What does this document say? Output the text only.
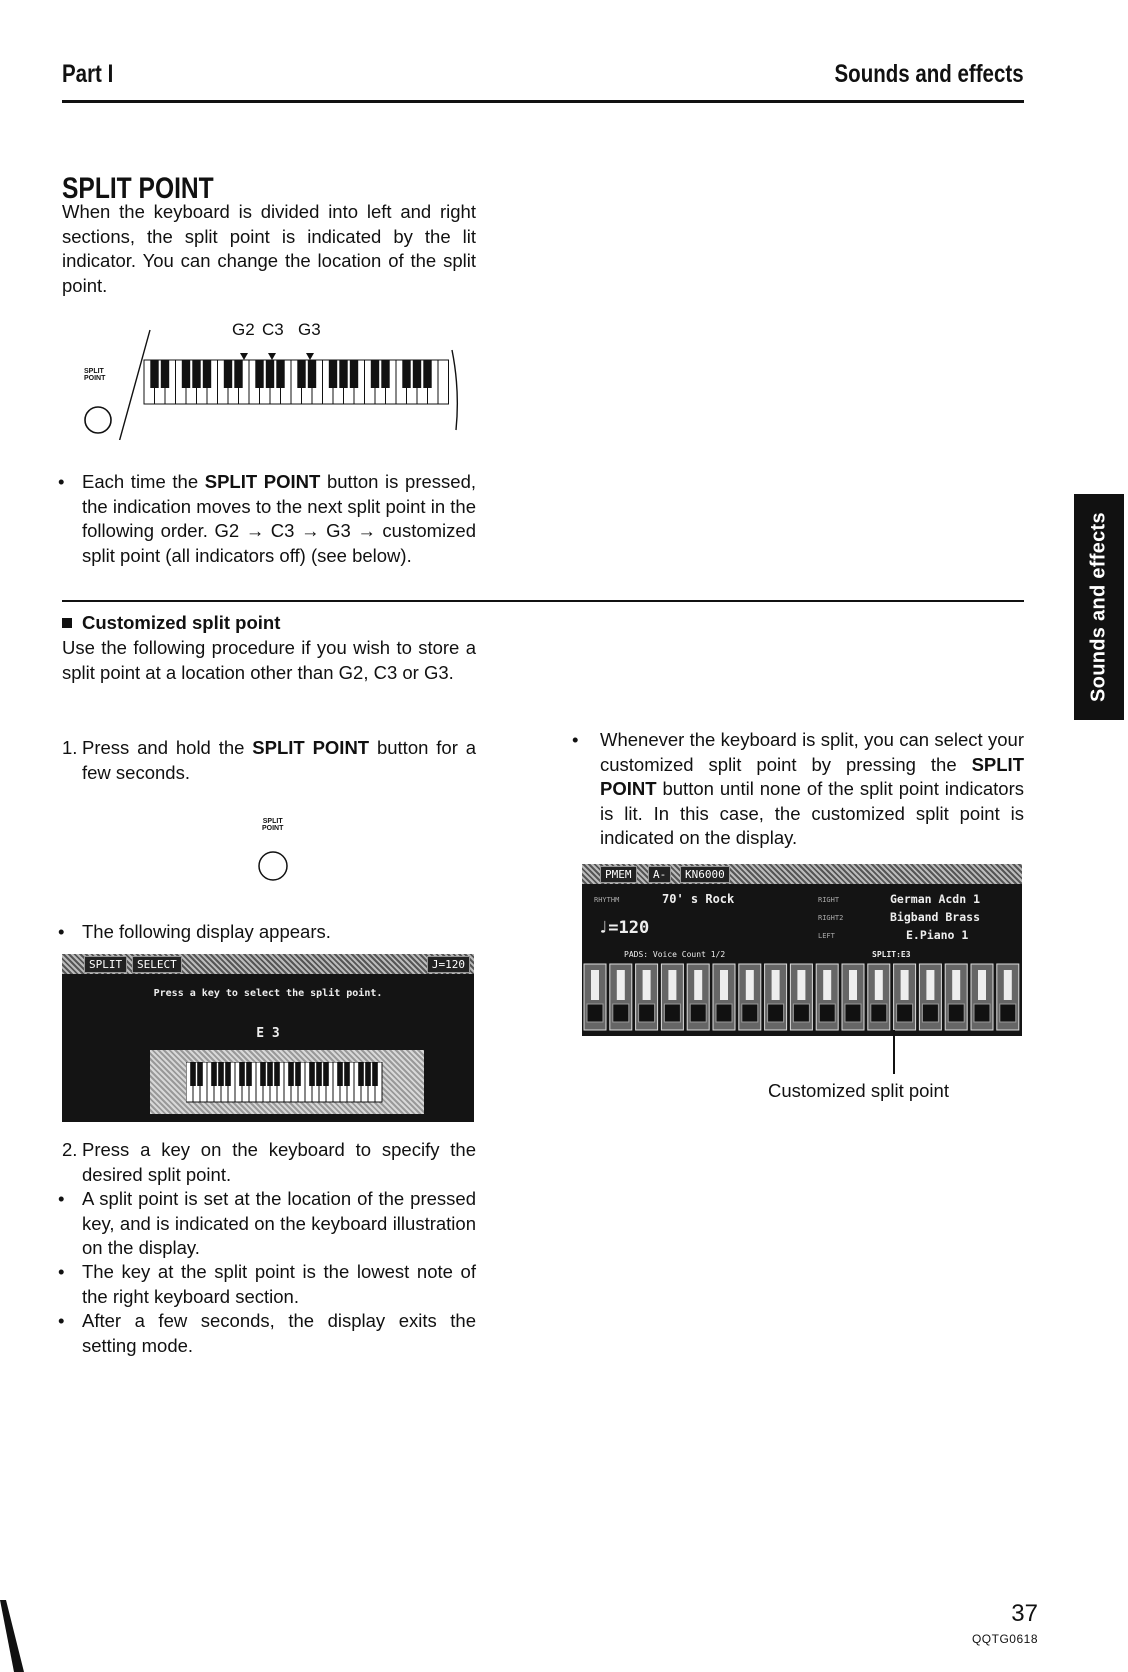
Part I	Sounds and effects
SPLIT POINT
When the keyboard is divided into left and right sections, the split point is indicated by the lit indicator. You can change the location of the split point.
SPLIT
POINT
G2 C3 G3
• Each time the SPLIT POINT button is pressed, the indication moves to the next split point in the following order. G2 → C3 → G3 → customized split point (all indicators off) (see below).
Customized split point
Use the following procedure if you wish to store a split point at a location other than G2, C3 or G3.
1. Press and hold the SPLIT POINT button for a few seconds.
SPLIT
POINT
• The following display appears.
SPLIT	SELECT	J=120
Press a key to select the split point.
E 3
2. Press a key on the keyboard to specify the desired split point.
• A split point is set at the location of the pressed key, and is indicated on the keyboard illustration on the display.
• The key at the split point is the lowest note of the right keyboard section.
• After a few seconds, the display exits the setting mode.
•	Whenever the keyboard is split, you can select your customized split point by pressing the SPLIT POINT button until none of the split point indicators is lit. In this case, the customized split point is indicated on the display.
PMEM	A-	KN6000
RHYTHM	70' s Rock
♩=120
PADS: Voice Count 1/2
RIGHT	German Acdn 1
RIGHT2	Bigband Brass
LEFT	E.Piano 1
SPLIT:E3
Customized split point
Sounds and effects
37
QQTG0618
